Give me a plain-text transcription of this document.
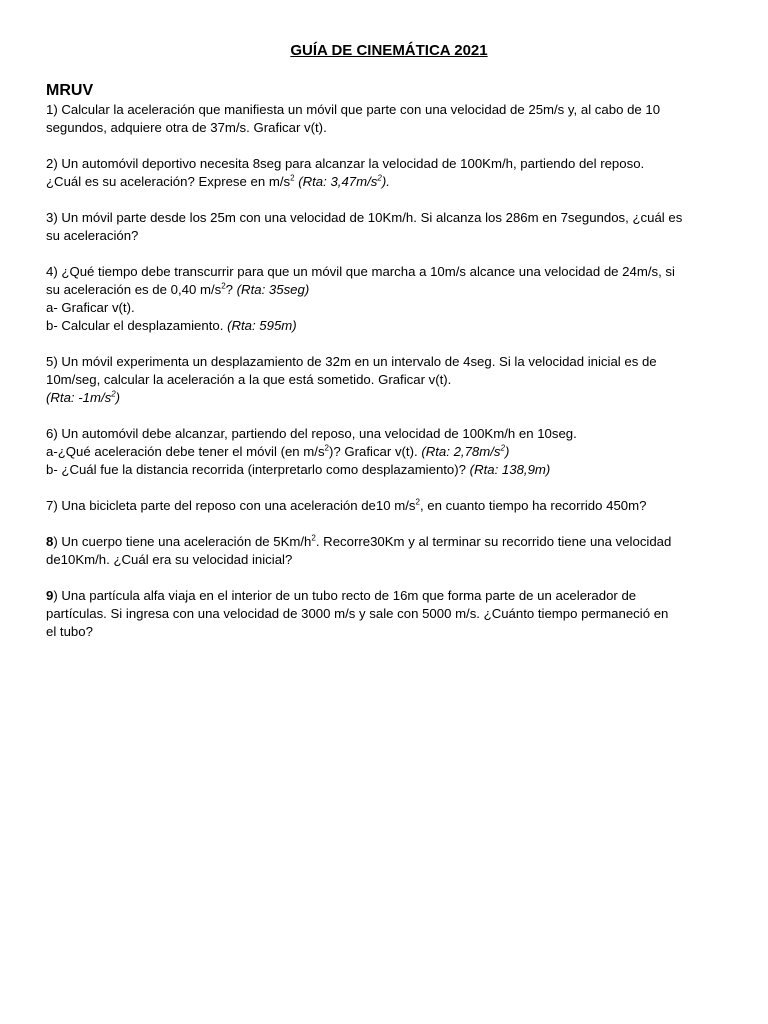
GUÍA DE CINEMÁTICA 2021
MRUV
1) Calcular la aceleración que manifiesta un móvil que parte con una velocidad de 25m/s y, al cabo de 10
segundos, adquiere otra de 37m/s. Graficar v(t).
2) Un automóvil deportivo necesita 8seg para alcanzar la velocidad de 100Km/h, partiendo del reposo.
¿Cuál es su aceleración? Exprese en $m/s^2$ (Rta: $3,47m/s^2$).
3) Un móvil parte desde los 25m con una velocidad de 10Km/h. Si alcanza los 286m en 7segundos, ¿cuál es
su aceleración?
4) ¿Qué tiempo debe transcurrir para que un móvil que marcha a 10m/s alcance una velocidad de 24m/s, si
su aceleración es de 0,40 $m/s^2$? (Rta: 35seg)
a- Graficar v(t).
b- Calcular el desplazamiento. (Rta: 595m)
5) Un móvil experimenta un desplazamiento de 32m en un intervalo de 4seg. Si la velocidad inicial es de
10m/seg, calcular la aceleración a la que está sometido. Graficar v(t).
(Rta: $-1m/s^2$)
6) Un automóvil debe alcanzar, partiendo del reposo, una velocidad de 100Km/h en 10seg.
a-¿Qué aceleración debe tener el móvil (en $m/s^2$)? Graficar v(t). (Rta: $2,78m/s^2$)
b- ¿Cuál fue la distancia recorrida (interpretarlo como desplazamiento)? (Rta: 138,9m)
7) Una bicicleta parte del reposo con una aceleración de10 $m/s^2$, en cuanto tiempo ha recorrido 450m?
8) Un cuerpo tiene una aceleración de $5Km/h^2$. Recorre30Km y al terminar su recorrido tiene una velocidad
de10Km/h. ¿Cuál era su velocidad inicial?
9) Una partícula alfa viaja en el interior de un tubo recto de 16m que forma parte de un acelerador de
partículas. Si ingresa con una velocidad de 3000 m/s y sale con 5000 m/s. ¿Cuánto tiempo permaneció en
el tubo?
